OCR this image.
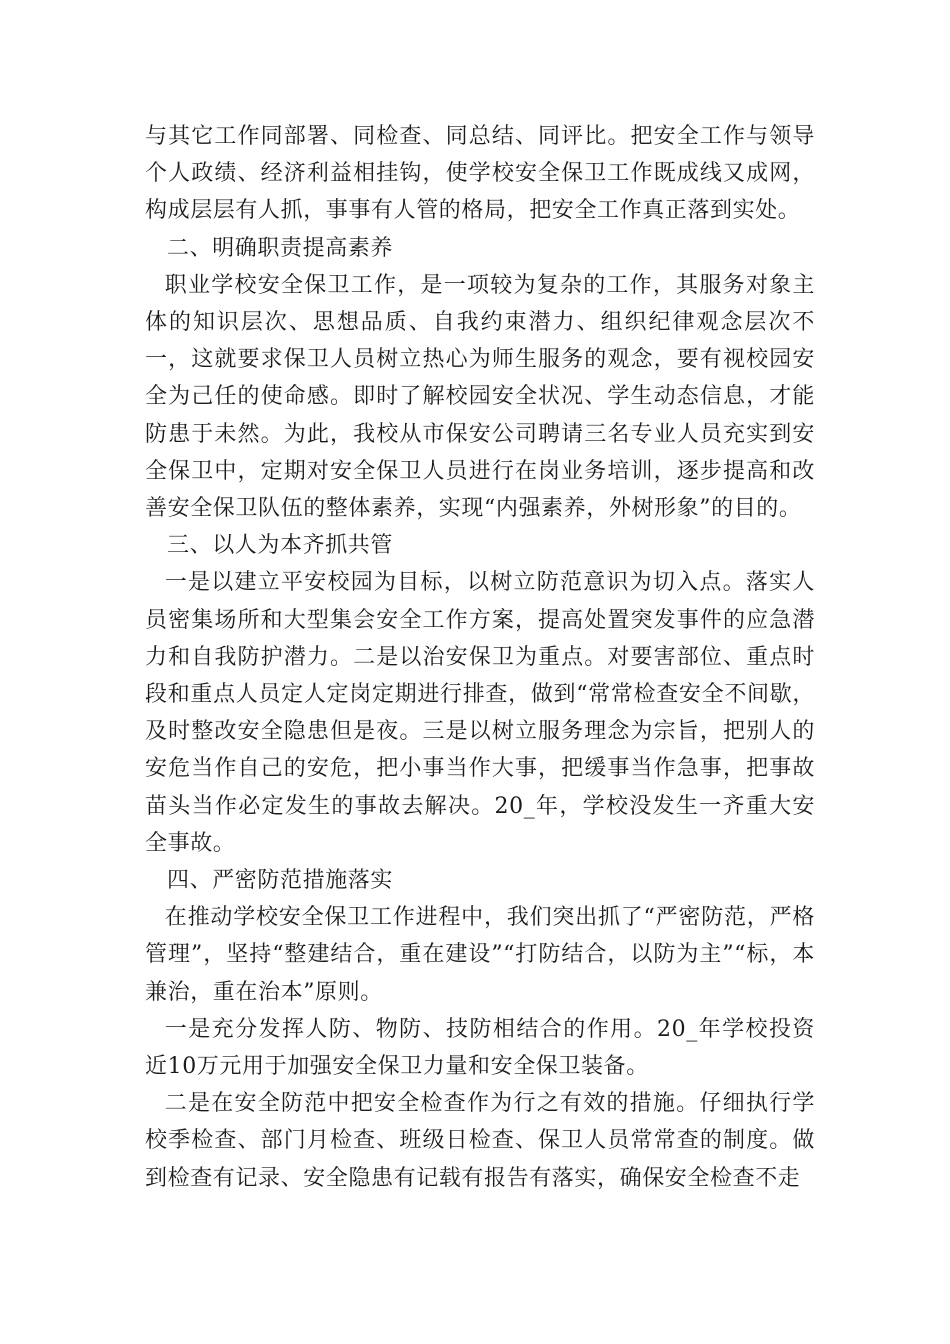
与其它工作同部署、同检查、同总结、同评比。把安全工作与领导个人政绩、经济利益相挂钩，使学校安全保卫工作既成线又成网，构成层层有人抓，事事有人管的格局，把安全工作真正落到实处。

二、明确职责提高素养

职业学校安全保卫工作，是一项较为复杂的工作，其服务对象主体的知识层次、思想品质、自我约束潜力、组织纪律观念层次不一，这就要求保卫人员树立热心为师生服务的观念，要有视校园安全为己任的使命感。即时了解校园安全状况、学生动态信息，才能防患于未然。为此，我校从市保安公司聘请三名专业人员充实到安全保卫中，定期对安全保卫人员进行在岗业务培训，逐步提高和改善安全保卫队伍的整体素养，实现“内强素养，外树形象”的目的。

三、以人为本齐抓共管

一是以建立平安校园为目标，以树立防范意识为切入点。落实人员密集场所和大型集会安全工作方案，提高处置突发事件的应急潜力和自我防护潜力。二是以治安保卫为重点。对要害部位、重点时段和重点人员定人定岗定期进行排查，做到“常常检查安全不间歇，及时整改安全隐患但是夜。三是以树立服务理念为宗旨，把别人的安危当作自己的安危，把小事当作大事，把缓事当作急事，把事故苗头当作必定发生的事故去解决。20_年，学校没发生一齐重大安全事故。

四、严密防范措施落实

在推动学校安全保卫工作进程中，我们突出抓了“严密防范，严格管理”，坚持“整建结合，重在建设”“打防结合，以防为主”“标，本兼治，重在治本”原则。

一是充分发挥人防、物防、技防相结合的作用。20_年学校投资近10万元用于加强安全保卫力量和安全保卫装备。

二是在安全防范中把安全检查作为行之有效的措施。仔细执行学校季检查、部门月检查、班级日检查、保卫人员常常查的制度。做到检查有记录、安全隐患有记载有报告有落实，确保安全检查不走
